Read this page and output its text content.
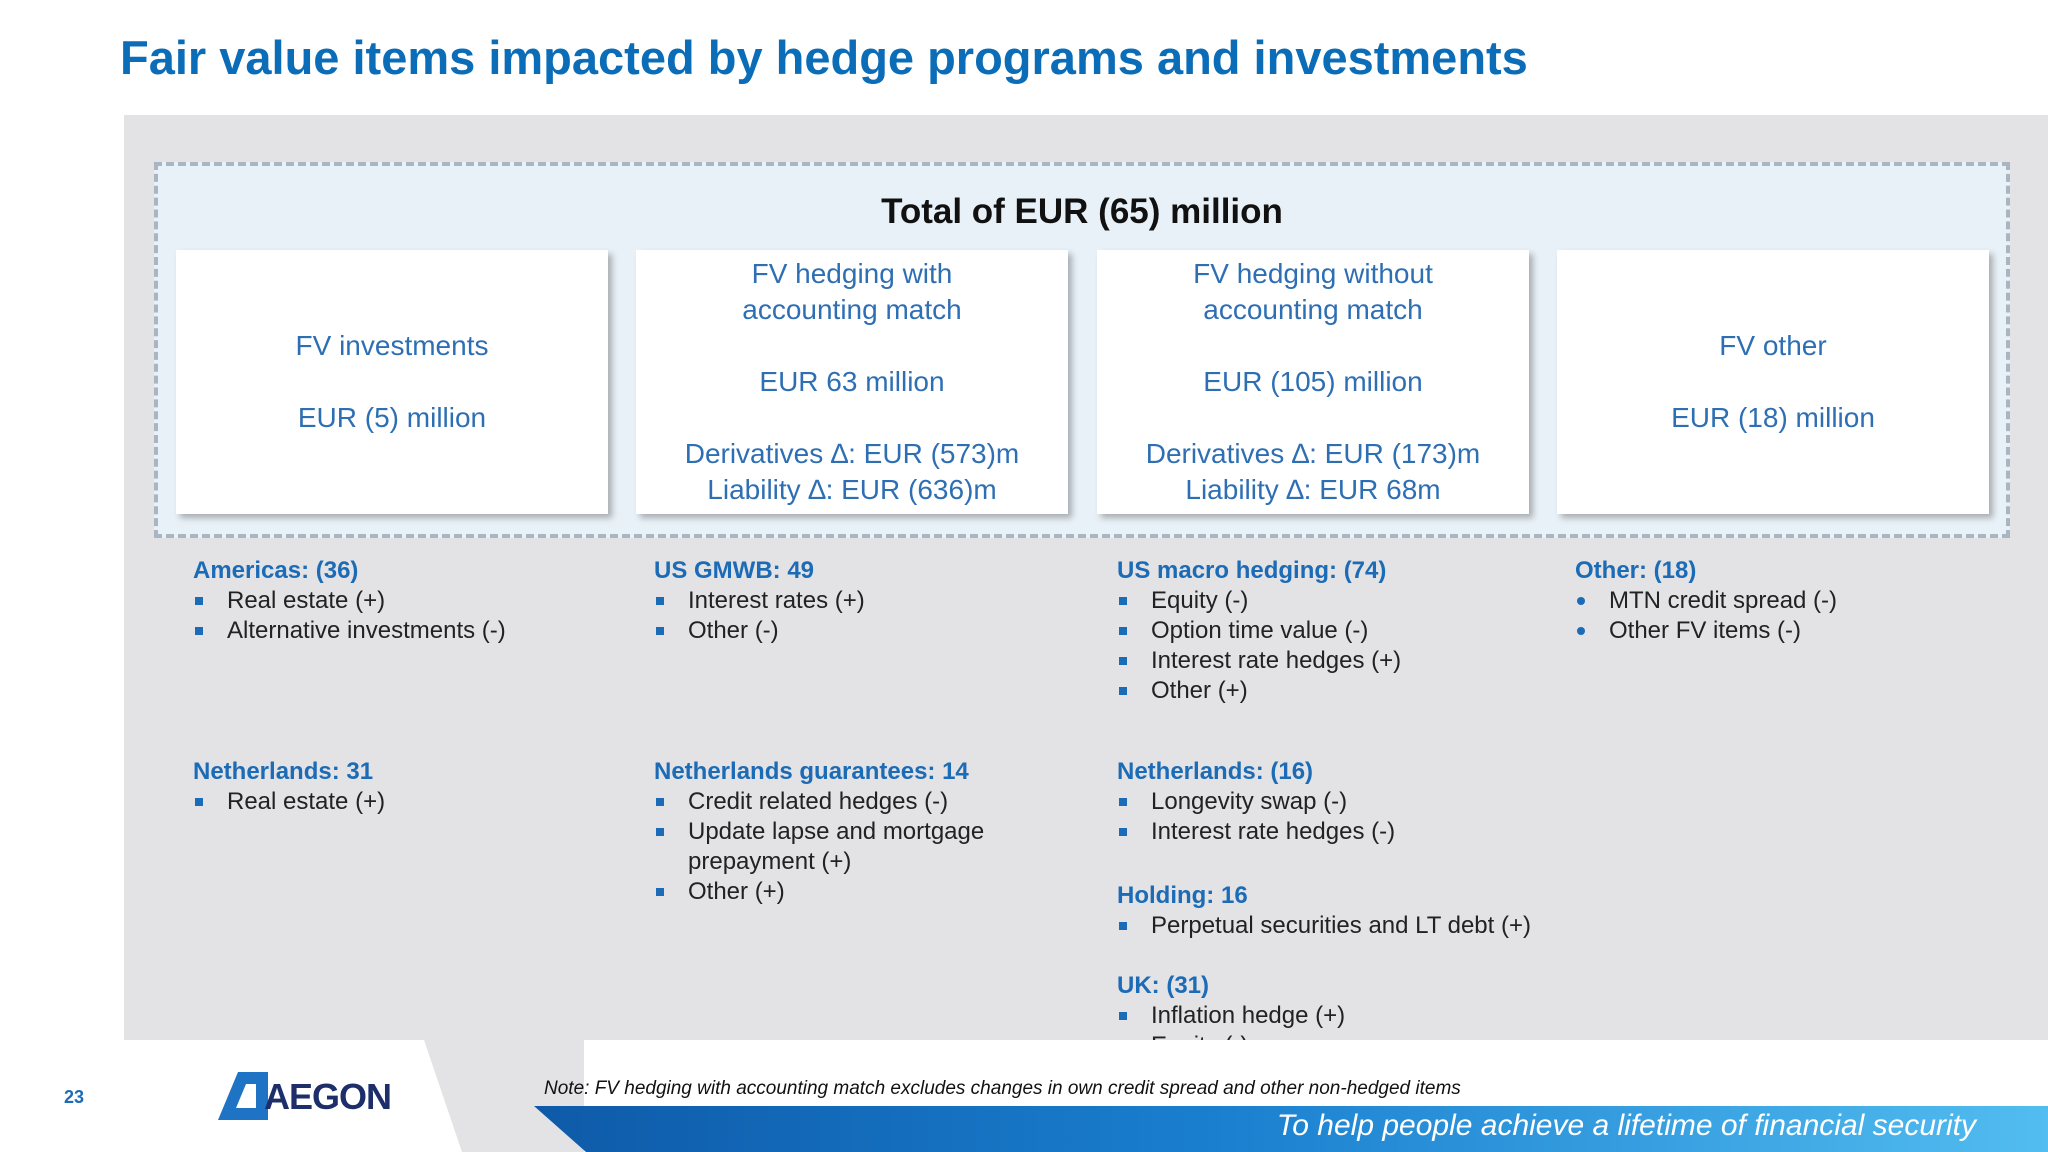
Fair value items impacted by hedge programs and investments
Total of EUR (65) million
FV investments
EUR (5) million
FV hedging with
accounting match
EUR 63 million
Derivatives ∆: EUR (573)m
Liability ∆: EUR (636)m
FV hedging without
accounting match
EUR (105) million
Derivatives ∆: EUR (173)m
Liability ∆: EUR 68m
FV other
EUR (18) million
Americas: (36)
Real estate (+)
Alternative investments (-)
Netherlands: 31
Real estate (+)
US GMWB: 49
Interest rates (+)
Other (-)
Netherlands guarantees: 14
Credit related hedges (-)
Update lapse and mortgage prepayment (+)
Other (+)
US macro hedging: (74)
Equity (-)
Option time value (-)
Interest rate hedges (+)
Other (+)
Netherlands: (16)
Longevity swap (-)
Interest rate hedges (-)
Holding: 16
Perpetual securities and LT debt (+)
UK: (31)
Inflation hedge (+)
Other: (18)
MTN credit spread (-)
Other FV items (-)
To help people achieve a lifetime of financial security
Note: FV hedging with accounting match excludes changes in own credit spread and other non-hedged items
23	AEGON
